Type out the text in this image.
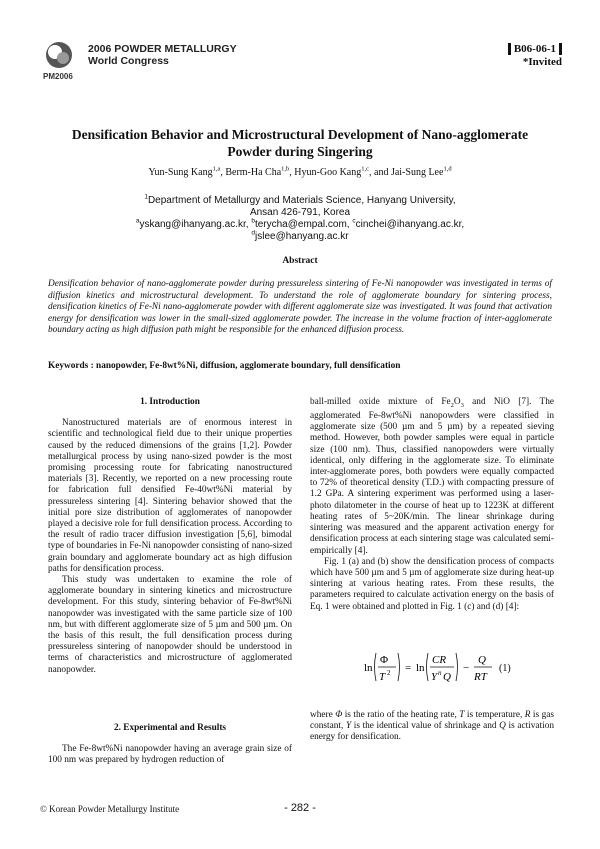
2006 POWDER METALLURGY
World Congress
PM2006
B06-06-1
*Invited
Densification Behavior and Microstructural Development of Nano-agglomerate
Powder during Singering
Yun-Sung Kang$^{1,a}$, Berm-Ha Cha$^{1,b}$, Hyun-Goo Kang$^{1,c}$, and Jai-Sung Lee$^{1,d}$
$^1$Department of Metallurgy and Materials Science, Hanyang University,
Ansan 426-791, Korea
$^a$yskang@ihanyang.ac.kr, $^b$terycha@empal.com, $^c$cinchei@ihanyang.ac.kr,
$^d$jslee@hanyang.ac.kr
Abstract
Densification behavior of nano-agglomerate powder during pressureless sintering of Fe-Ni nanopowder was investigated in terms of diffusion kinetics and microstructural development. To understand the role of agglomerate boundary for sintering process, densification kinetics of Fe-Ni nano-agglomerate powder with different agglomerate size was investigated. It was found that activation energy for densification was lower in the small-sized agglomerate powder. The increase in the volume fraction of inter-agglomerate boundary acting as high diffusion path might be responsible for the enhanced diffusion process.
Keywords : nanopowder, Fe-8wt%Ni, diffusion, agglomerate boundary, full densification
1. Introduction

Nanostructured materials are of enormous interest in scientific and technological field due to their unique properties caused by the reduced dimensions of the grains [1,2]. Powder metallurgical process by using nano-sized powder is the most promising processing route for fabricating nanostructured materials [3]. Recently, we reported on a new processing route for fabrication full densified Fe-40wt%Ni material by pressureless sintering [4]. Sintering behavior showed that the initial pore size distribution of agglomerates of nanopowder played a decisive role for full densification process. According to the result of radio tracer diffusion investigation [5,6], bimodal type of boundaries in Fe-Ni nanopowder consisting of nano-sized grain boundary and agglomerate boundary act as high diffusion paths for densification process.

This study was undertaken to examine the role of agglomerate boundary in sintering kinetics and microstructure development. For this study, sintering behavior of Fe-8wt%Ni nanopowder was investigated with the same particle size of 100 nm, but with different agglomerate size of 5 µm and 500 µm. On the basis of this result, the full densification process during pressureless sintering of nanopowder should be understood in terms of characteristics and microstructure of agglomerated nanopowder.

2. Experimental and Results

The Fe-8wt%Ni nanopowder having an average grain size of 100 nm was prepared by hydrogen reduction of

ball-milled oxide mixture of $Fe_2O_3$ and NiO [7]. The agglomerated Fe-8wt%Ni nanopowders were classified in agglomerate size (500 µm and 5 µm) by a repeated sieving method. However, both powder samples were equal in particle size (100 nm). Thus, classified nanopowders were virtually identical, only differing in the agglomerate size. To eliminate inter-agglomerate pores, both powders were equally compacted to 72% of theoretical density (T.D.) with compacting pressure of 1.2 GPa. A sintering experiment was performed using a laser-photo dilatometer in the course of heat up to 1223K at different heating rates of 5~20K/min. The linear shrinkage during sintering was measured and the apparent activation energy for densification process at each sintering stage was calculated semi-empirically [4].

Fig. 1 (a) and (b) show the densification process of compacts which have 500 µm and 5 µm of agglomerate size during heat-up sintering at various heating rates. From these results, the parameters required to calculate activation energy on the basis of Eq. 1 were obtained and plotted in Fig. 1 (c) and (d) [4]:

ln
Φ
T 2 = ln
CR
Y n Q
−
Q
RT
(1)

where Φ is the ratio of the heating rate, T is temperature, R is gas constant, Y is the identical value of shrinkage and Q is activation energy for densification.

© Korean Powder Metallurgy Institute	- 282 -
